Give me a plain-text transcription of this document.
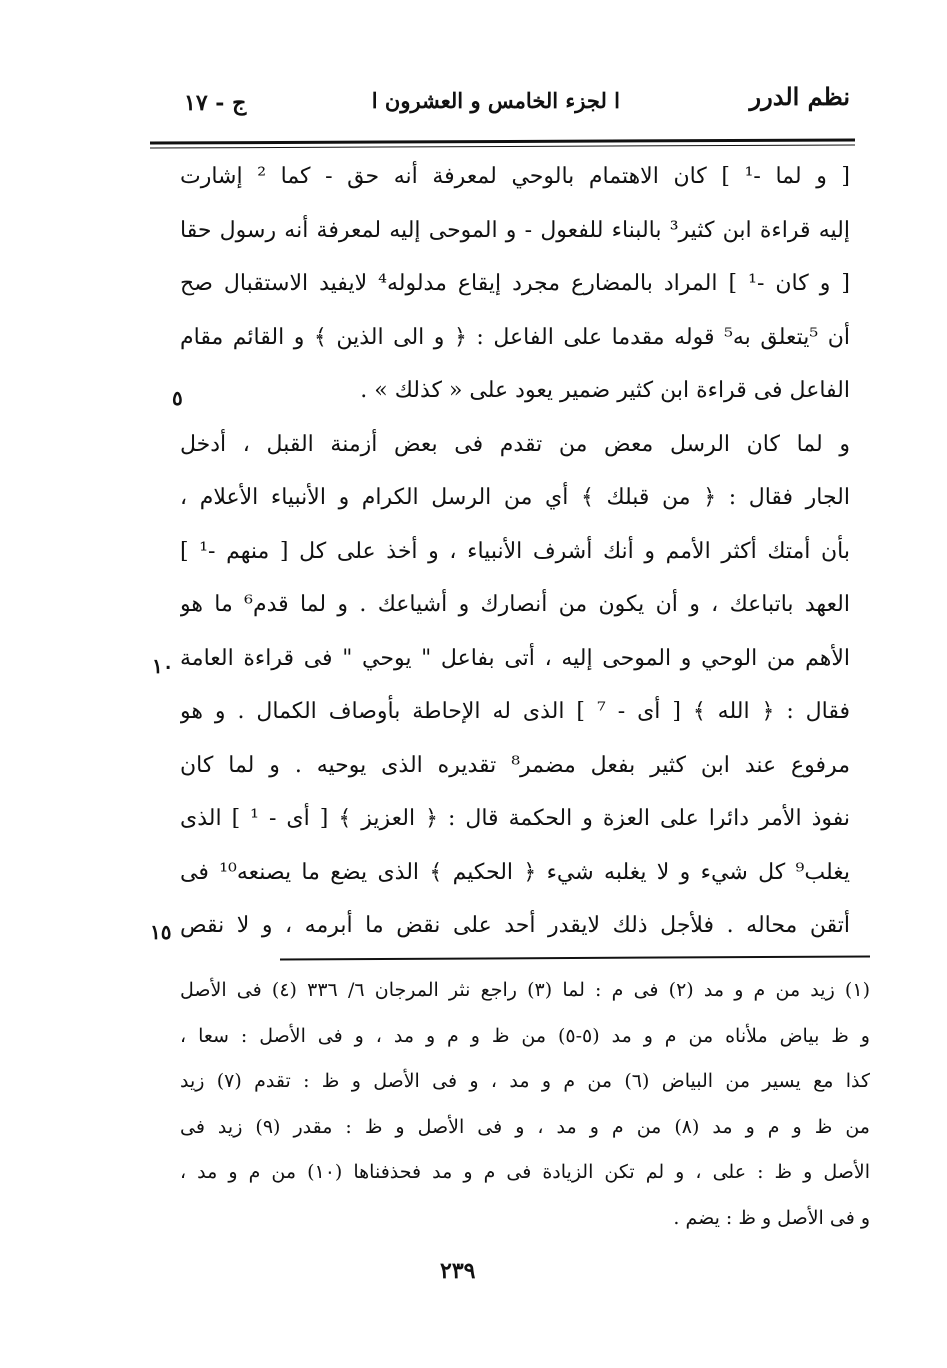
نظم الدرر
ا لجزء الخامس و العشرون ا
ج - ١٧
[ و لما -¹ ] كان الاهتمام بالوحي لمعرفة أنه حق - كما ² إشارت
إليه قراءة ابن كثير³ بالبناء للفعول - و الموحى إليه لمعرفة أنه رسول حقا
[ و كان -¹ ] المراد بالمضارع مجرد إيقاع مدلوله⁴ لايفيد الاستقبال صح
أن ⁵يتعلق به⁵ قوله مقدما على الفاعل : ﴿ و الى الذين ﴾ و القائم مقام
الفاعل فى قراءة ابن كثير ضمير يعود على « كذلك » .
و لما كان الرسل معض من تقدم فى بعض أزمنة القبل ، أدخل
الجار فقال : ﴿ من قبلك ﴾ أي من الرسل الكرام و الأنبياء الأعلام ،
بأن أمتك أكثر الأمم و أنك أشرف الأنبياء ، و أخذ على كل [ منهم -¹ ]
العهد باتباعك ، و أن يكون من أنصارك و أشياعك . و لما قدم⁶ ما هو
الأهم من الوحي و الموحى إليه ، أتى بفاعل " يوحي " فى قراءة العامة
فقال : ﴿ الله ﴾ [ أى - ⁷ ] الذى له الإحاطة بأوصاف الكمال . و هو
مرفوع عند ابن كثير بفعل مضمر⁸ تقديره الذى يوحيه . و لما كان
نفوذ الأمر دائرا على العزة و الحكمة قال : ﴿ العزيز ﴾ [ أى - ¹ ] الذى
يغلب⁹ كل شيء و لا يغلبه شيء ﴿ الحكيم ﴾ الذى يضع ما يصنعه¹⁰ فى
أتقن محاله . فلأجل ذلك لايقدر أحد على نقض ما أبرمه ، و لا نقص
٥
١٠
١٥
(١) زيد من م و مد (٢) فى م : لما (٣) راجع نثر المرجان ٦/ ٣٣٦ (٤) فى الأصل
و ظ بياض ملأناه من م و مد (٥-٥) من ظ و م و مد ، و فى الأصل : سعا ،
كذا مع يسير من البياض (٦) من م و مد ، و فى الأصل و ظ : تقدم (٧) زيد
من ظ و م و مد (٨) من م و مد ، و فى الأصل و ظ : مقدر (٩) زيد فى
الأصل و ظ : على ، و لم تكن الزيادة فى م و مد فحذفناها (١٠) من م و مد ،
و فى الأصل و ظ : يضم .
٢٣٩
